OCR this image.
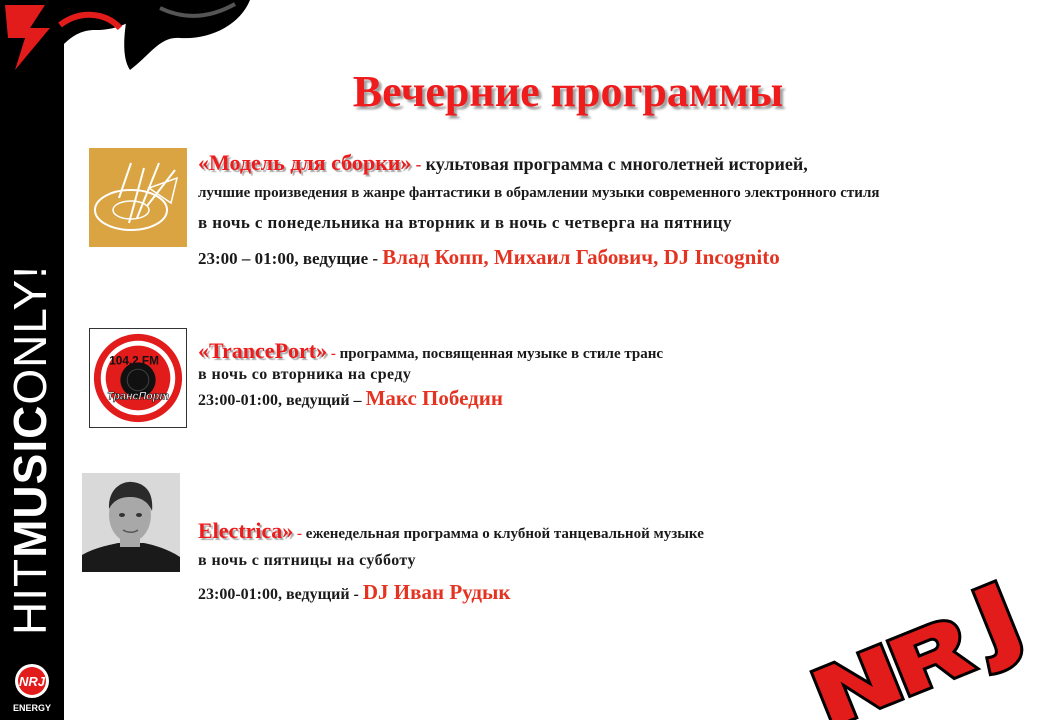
HITMUSICONLY!
NRJ
ENERGY
Вечерние программы
104.2 FM
ТрансПорт
«Модель для сборки» - культовая программа с многолетней историей,
лучшие произведения в жанре фантастики в обрамлении музыки современного электронного стиля
в ночь с понедельника на вторник и в ночь с четверга на пятницу
23:00 – 01:00, ведущие - Влад Копп, Михаил Габович, DJ Incognito
«TrancePort» - программа, посвященная музыке в стиле транс
в ночь со вторника на среду
23:00-01:00, ведущий – Макс Победин
Electrica» - еженедельная программа о клубной танцевальной музыке
в ночь с пятницы на субботу
23:00-01:00, ведущий - DJ Иван Рудык
